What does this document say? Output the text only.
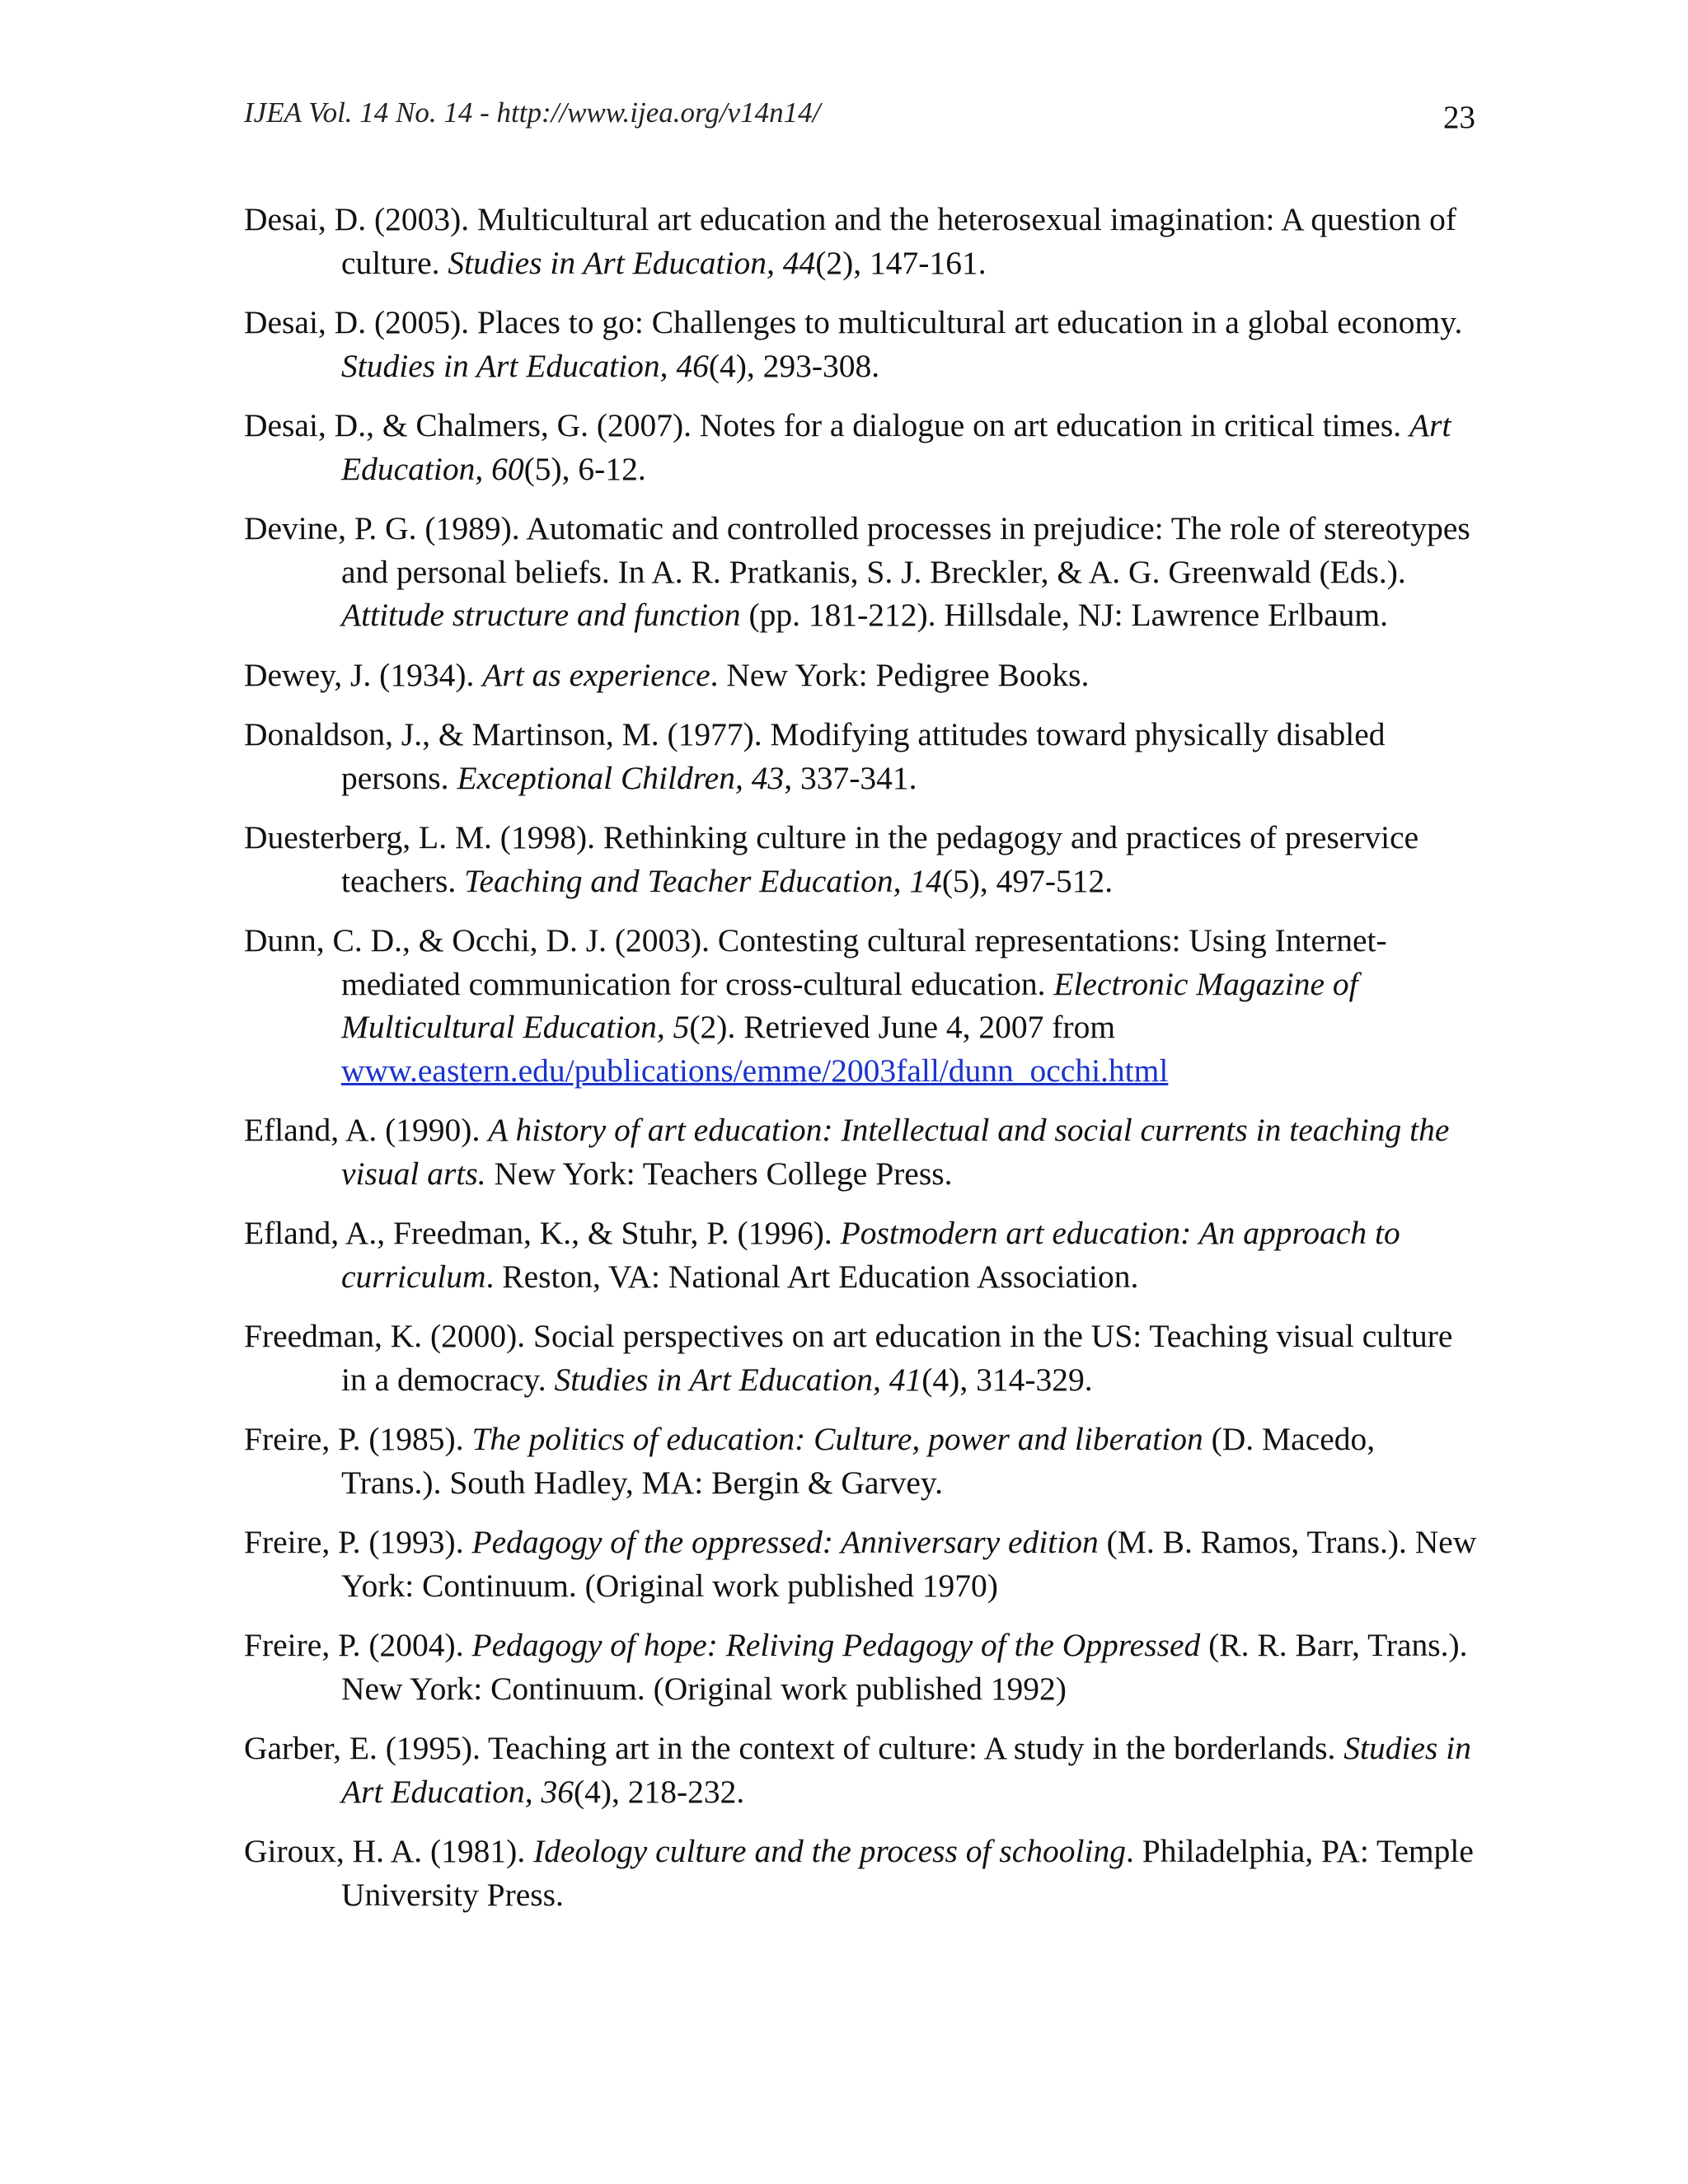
IJEA Vol. 14 No. 14 - http://www.ijea.org/v14n14/	23
Desai, D. (2003). Multicultural art education and the heterosexual imagination: A question of culture. Studies in Art Education, 44(2), 147-161.
Desai, D. (2005). Places to go: Challenges to multicultural art education in a global economy. Studies in Art Education, 46(4), 293-308.
Desai, D., & Chalmers, G. (2007). Notes for a dialogue on art education in critical times. Art Education, 60(5), 6-12.
Devine, P. G. (1989). Automatic and controlled processes in prejudice: The role of stereotypes and personal beliefs. In A. R. Pratkanis, S. J. Breckler, & A. G. Greenwald (Eds.). Attitude structure and function (pp. 181-212). Hillsdale, NJ: Lawrence Erlbaum.
Dewey, J. (1934). Art as experience. New York: Pedigree Books.
Donaldson, J., & Martinson, M. (1977). Modifying attitudes toward physically disabled persons. Exceptional Children, 43, 337-341.
Duesterberg, L. M. (1998). Rethinking culture in the pedagogy and practices of preservice teachers. Teaching and Teacher Education, 14(5), 497-512.
Dunn, C. D., & Occhi, D. J. (2003). Contesting cultural representations: Using Internet-mediated communication for cross-cultural education. Electronic Magazine of Multicultural Education, 5(2). Retrieved June 4, 2007 from www.eastern.edu/publications/emme/2003fall/dunn_occhi.html
Efland, A. (1990). A history of art education: Intellectual and social currents in teaching the visual arts. New York: Teachers College Press.
Efland, A., Freedman, K., & Stuhr, P. (1996). Postmodern art education: An approach to curriculum. Reston, VA: National Art Education Association.
Freedman, K. (2000). Social perspectives on art education in the US: Teaching visual culture in a democracy. Studies in Art Education, 41(4), 314-329.
Freire, P. (1985). The politics of education: Culture, power and liberation (D. Macedo, Trans.). South Hadley, MA: Bergin & Garvey.
Freire, P. (1993). Pedagogy of the oppressed: Anniversary edition (M. B. Ramos, Trans.). New York: Continuum. (Original work published 1970)
Freire, P. (2004). Pedagogy of hope: Reliving Pedagogy of the Oppressed (R. R. Barr, Trans.). New York: Continuum. (Original work published 1992)
Garber, E. (1995). Teaching art in the context of culture: A study in the borderlands. Studies in Art Education, 36(4), 218-232.
Giroux, H. A. (1981). Ideology culture and the process of schooling. Philadelphia, PA: Temple University Press.
